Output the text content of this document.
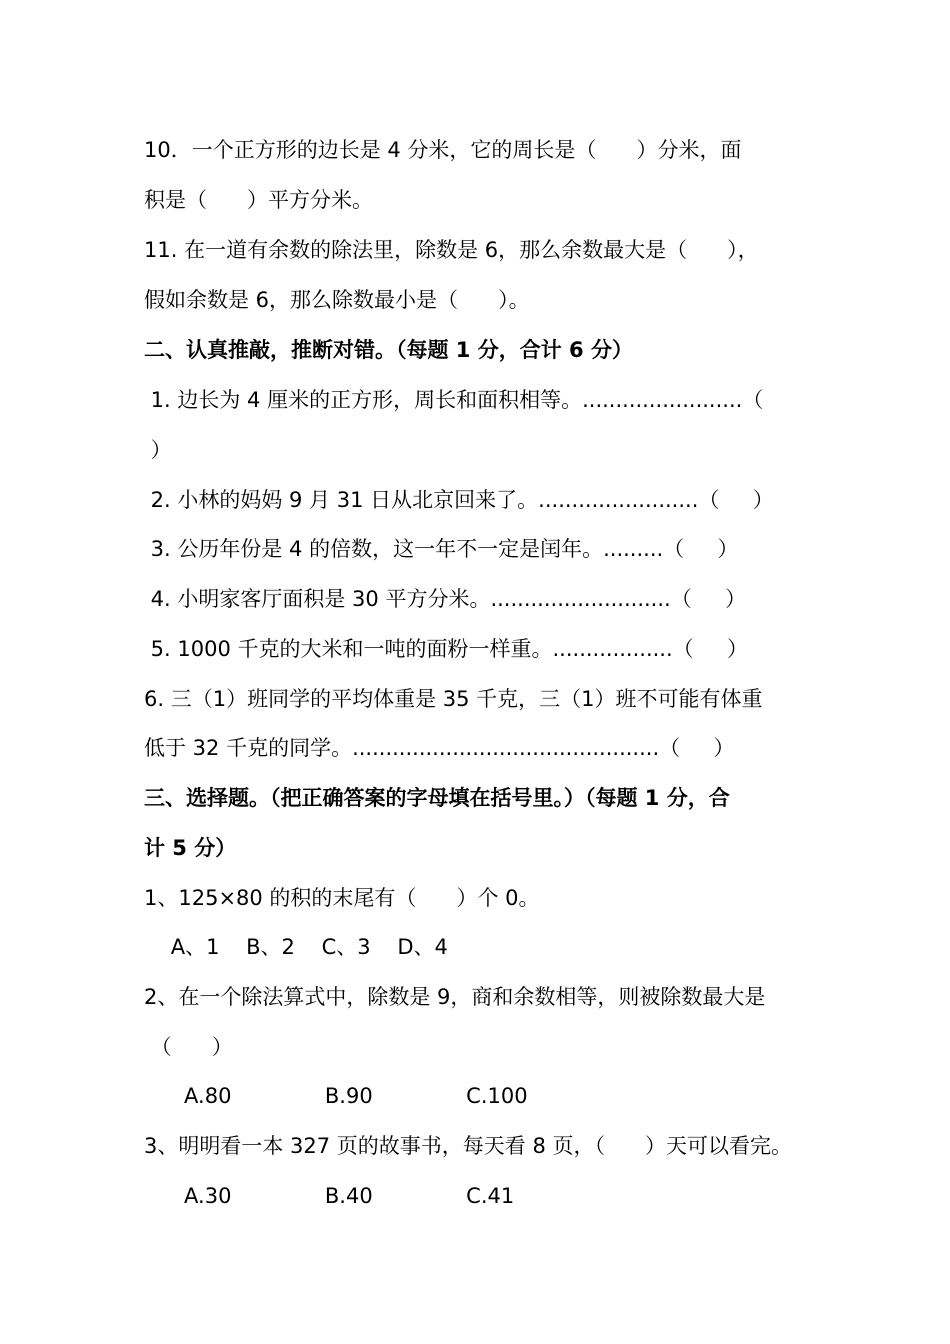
10．一个正方形的边长是 4 分米，它的周长是（      ）分米，面
积是（      ）平方分米。
11. 在一道有余数的除法里，除数是 6，那么余数最大是（      ），
假如余数是 6，那么除数最小是（      ）。
二、认真推敲，推断对错。（每题 1 分，合计 6 分）
1. 边长为 4 厘米的正方形，周长和面积相等。........................（
）
2. 小林的妈妈 9 月 31 日从北京回来了。........................（     ）
3. 公历年份是 4 的倍数，这一年不一定是闰年。.........（     ）
4. 小明家客厅面积是 30 平方分米。...........................（     ）
5. 1000 千克的大米和一吨的面粉一样重。..................（     ）
6. 三（1）班同学的平均体重是 35 千克，三（1）班不可能有体重
低于 32 千克的同学。..............................................（     ）
三、选择题。（把正确答案的字母填在括号里。）（每题 1 分，合
计 5 分）
1、125×80 的积的末尾有（      ）个 0。
A、1    B、2    C、3    D、4
2、在一个除法算式中，除数是 9，商和余数相等，则被除数最大是
（      ）
A.80              B.90              C.100
3、明明看一本 327 页的故事书，每天看 8 页，（      ）天可以看完。
A.30              B.40              C.41
